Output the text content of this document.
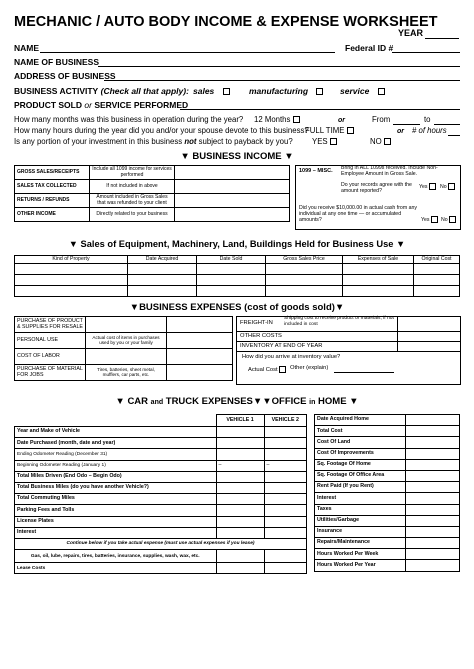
MECHANIC / AUTO BODY INCOME & EXPENSE WORKSHEET
YEAR
NAME	Federal ID #
NAME OF BUSINESS
ADDRESS OF BUSINESS
BUSINESS ACTIVITY (Check all that apply): sales	manufacturing	service
PRODUCT SOLD or SERVICE PERFORMED
How many months was this business in operation during the year? 12 Months	or	From	to
How many hours during the year did you and/or your spouse devote to this business?
FULL TIME	or # of hours
Is any portion of your investment in this business not subject to payback by you? YES	NO
▼ BUSINESS INCOME ▼
GROSS SALES/RECEIPTS	Include all 1099 income for services performed	
SALES TAX COLLECTED	If not included in above	
RETURNS / REFUNDS	Amount included in Gross Sales that was refunded to your client	
OTHER INCOME	Directly related to your business	
1099 – MISC. Bring in ALL 1099s received. Include Non-Employee Amount in Gross Sale.
Do your records agree with the amount reported?
Yes	No
Did you receive $10,000.00 in actual cash from any individual at any one time — or accumulated amounts?	Yes	No
▼ Sales of Equipment, Machinery, Land, Buildings Held for Business Use ▼
Kind of Property	Date Acquired	Date Sold	Gross Sales Price	Expenses of Sale	Original Cost

▼BUSINESS EXPENSES (cost of goods sold)▼
PURCHASE OF PRODUCT & SUPPLIES FOR RESALE		
PERSONAL USE	Actual cost of items in purchases used by you or your family	
COST OF LABOR		
PURCHASE OF MATERIAL FOR JOBS	Tires, batteries, sheet metal, mufflers, car parts, etc.	
FREIGHT-IN
Shipping cost to receive product or materials, if not included in cost
OTHER COSTS
INVENTORY AT END OF YEAR
How did you arrive at inventory value?
Actual Cost	Other (explain)
▼ CAR and TRUCK EXPENSES▼▼OFFICE in HOME ▼
	VEHICLE 1	VEHICLE 2
Year and Make of Vehicle		
Date Purchased (month, date and year)		
Ending Odometer Reading (December 31)		
Beginning Odometer Reading (January 1)	–	–
Total Miles Driven (End Odo – Begin Odo)		
Total Business Miles (do you have another Vehicle?)		
Total Commuting Miles		
Parking Fees and Tolls		
License Plates		
Interest		
Continue below if you take actual expense (must use actual expenses if you lease)		
Gas, oil, lube, repairs, tires, batteries, insurance, supplies, wash, wax, etc.		
Lease Costs		
Date Acquired Home	
Total Cost	
Cost Of Land	
Cost Of Improvements	
Sq. Footage Of Home	
Sq. Footage Of Office Area	
Rent Paid (If you Rent)	
Interest	
Taxes	
Utilities/Garbage	
Insurance	
Repairs/Maintenance	
Hours Worked Per Week	
Hours Worked Per Year	
